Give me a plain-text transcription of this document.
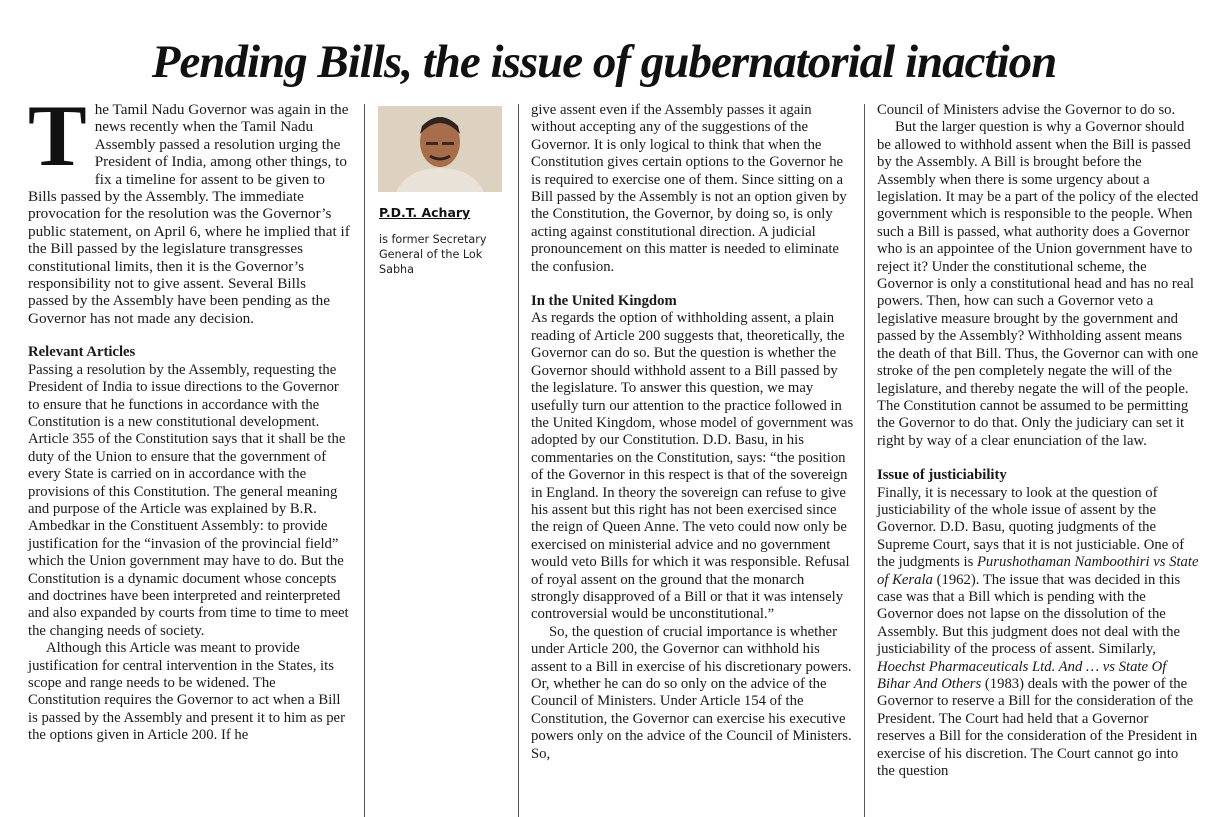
Pending Bills, the issue of gubernatorial inaction

The Tamil Nadu Governor was again in the news recently when the Tamil Nadu Assembly passed a resolution urging the President of India, among other things, to fix a timeline for assent to be given to Bills passed by the Assembly. The immediate provocation for the resolution was the Governor’s public statement, on April 6, where he implied that if the Bill passed by the legislature transgresses constitutional limits, then it is the Governor’s responsibility not to give assent. Several Bills passed by the Assembly have been pending as the Governor has not made any decision.

Relevant Articles

Passing a resolution by the Assembly, requesting the President of India to issue directions to the Governor to ensure that he functions in accordance with the Constitution is a new constitutional development. Article 355 of the Constitution says that it shall be the duty of the Union to ensure that the government of every State is carried on in accordance with the provisions of this Constitution. The general meaning and purpose of the Article was explained by B.R. Ambedkar in the Constituent Assembly: to provide justification for the “invasion of the provincial field” which the Union government may have to do. But the Constitution is a dynamic document whose concepts and doctrines have been interpreted and reinterpreted and also expanded by courts from time to time to meet the changing needs of society.

Although this Article was meant to provide justification for central intervention in the States, its scope and range needs to be widened. The Constitution requires the Governor to act when a Bill is passed by the Assembly and present it to him as per the options given in Article 200. If he

P.D.T. Achary
is former Secretary General of the Lok Sabha

give assent even if the Assembly passes it again without accepting any of the suggestions of the Governor. It is only logical to think that when the Constitution gives certain options to the Governor he is required to exercise one of them. Since sitting on a Bill passed by the Assembly is not an option given by the Constitution, the Governor, by doing so, is only acting against constitutional direction. A judicial pronouncement on this matter is needed to eliminate the confusion.

In the United Kingdom

As regards the option of withholding assent, a plain reading of Article 200 suggests that, theoretically, the Governor can do so. But the question is whether the Governor should withhold assent to a Bill passed by the legislature. To answer this question, we may usefully turn our attention to the practice followed in the United Kingdom, whose model of government was adopted by our Constitution. D.D. Basu, in his commentaries on the Constitution, says: “the position of the Governor in this respect is that of the sovereign in England. In theory the sovereign can refuse to give his assent but this right has not been exercised since the reign of Queen Anne. The veto could now only be exercised on ministerial advice and no government would veto Bills for which it was responsible. Refusal of royal assent on the ground that the monarch strongly disapproved of a Bill or that it was intensely controversial would be unconstitutional.”

So, the question of crucial importance is whether under Article 200, the Governor can withhold his assent to a Bill in exercise of his discretionary powers. Or, whether he can do so only on the advice of the Council of Ministers. Under Article 154 of the Constitution, the Governor can exercise his executive powers only on the advice of the Council of Ministers. So,

Council of Ministers advise the Governor to do so.

But the larger question is why a Governor should be allowed to withhold assent when the Bill is passed by the Assembly. A Bill is brought before the Assembly when there is some urgency about a legislation. It may be a part of the policy of the elected government which is responsible to the people. When such a Bill is passed, what authority does a Governor who is an appointee of the Union government have to reject it? Under the constitutional scheme, the Governor is only a constitutional head and has no real powers. Then, how can such a Governor veto a legislative measure brought by the government and passed by the Assembly? Withholding assent means the death of that Bill. Thus, the Governor can with one stroke of the pen completely negate the will of the legislature, and thereby negate the will of the people. The Constitution cannot be assumed to be permitting the Governor to do that. Only the judiciary can set it right by way of a clear enunciation of the law.

Issue of justiciability

Finally, it is necessary to look at the question of justiciability of the whole issue of assent by the Governor. D.D. Basu, quoting judgments of the Supreme Court, says that it is not justiciable. One of the judgments is Purushothaman Namboothiri vs State of Kerala (1962). The issue that was decided in this case was that a Bill which is pending with the Governor does not lapse on the dissolution of the Assembly. But this judgment does not deal with the justiciability of the process of assent. Similarly, Hoechst Pharmaceuticals Ltd. And … vs State Of Bihar And Others (1983) deals with the power of the Governor to reserve a Bill for the consideration of the President. The Court had held that a Governor reserves a Bill for the consideration of the President in exercise of his discretion. The Court cannot go into the question
